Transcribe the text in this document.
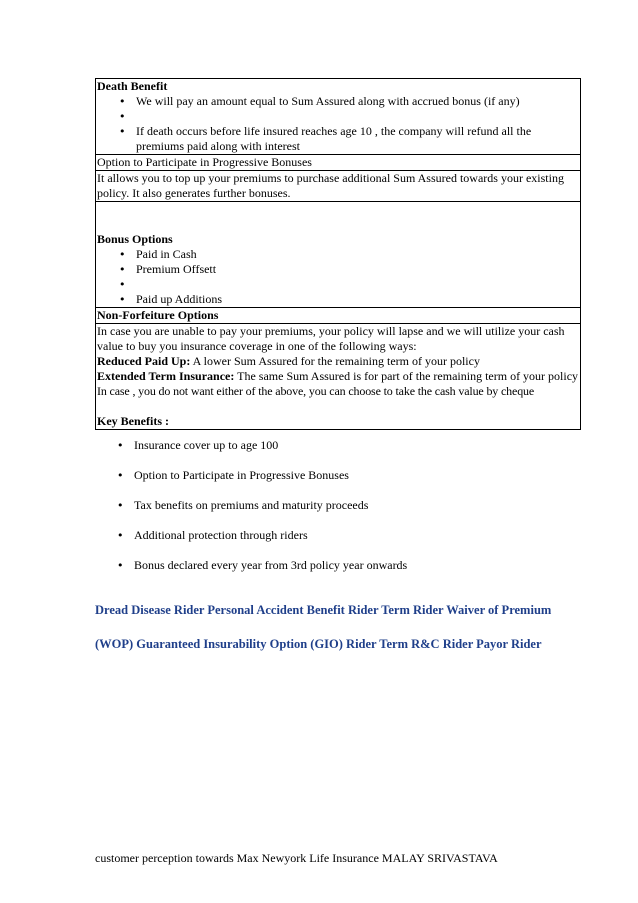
Death Benefit
• We will pay an amount equal to Sum Assured along with accrued bonus (if any)
•
• If death occurs before life insured reaches age 10 , the company will refund all the premiums paid along with interest
Option to Participate in Progressive Bonuses
It allows you to top up your premiums to purchase additional Sum Assured towards your existing policy. It also generates further bonuses.
Bonus Options
• Paid in Cash
• Premium Offsett
•
• Paid up Additions
Non-Forfeiture Options
In case you are unable to pay your premiums, your policy will lapse and we will utilize your cash value to buy you insurance coverage in one of the following ways:
Reduced Paid Up: A lower Sum Assured for the remaining term of your policy
Extended Term Insurance: The same Sum Assured is for part of the remaining term of your policy
In case , you do not want either of the above, you can choose to take the cash value by cheque
Key Benefits :
• Insurance cover up to age 100
• Option to Participate in Progressive Bonuses
• Tax benefits on premiums and maturity proceeds
• Additional protection through riders
• Bonus declared every year from 3rd policy year onwards

Dread Disease Rider Personal Accident Benefit Rider Term Rider Waiver of Premium

(WOP) Guaranteed Insurability Option (GIO) Rider Term R&C Rider Payor Rider

customer perception towards Max Newyork Life Insurance MALAY SRIVASTAVA
